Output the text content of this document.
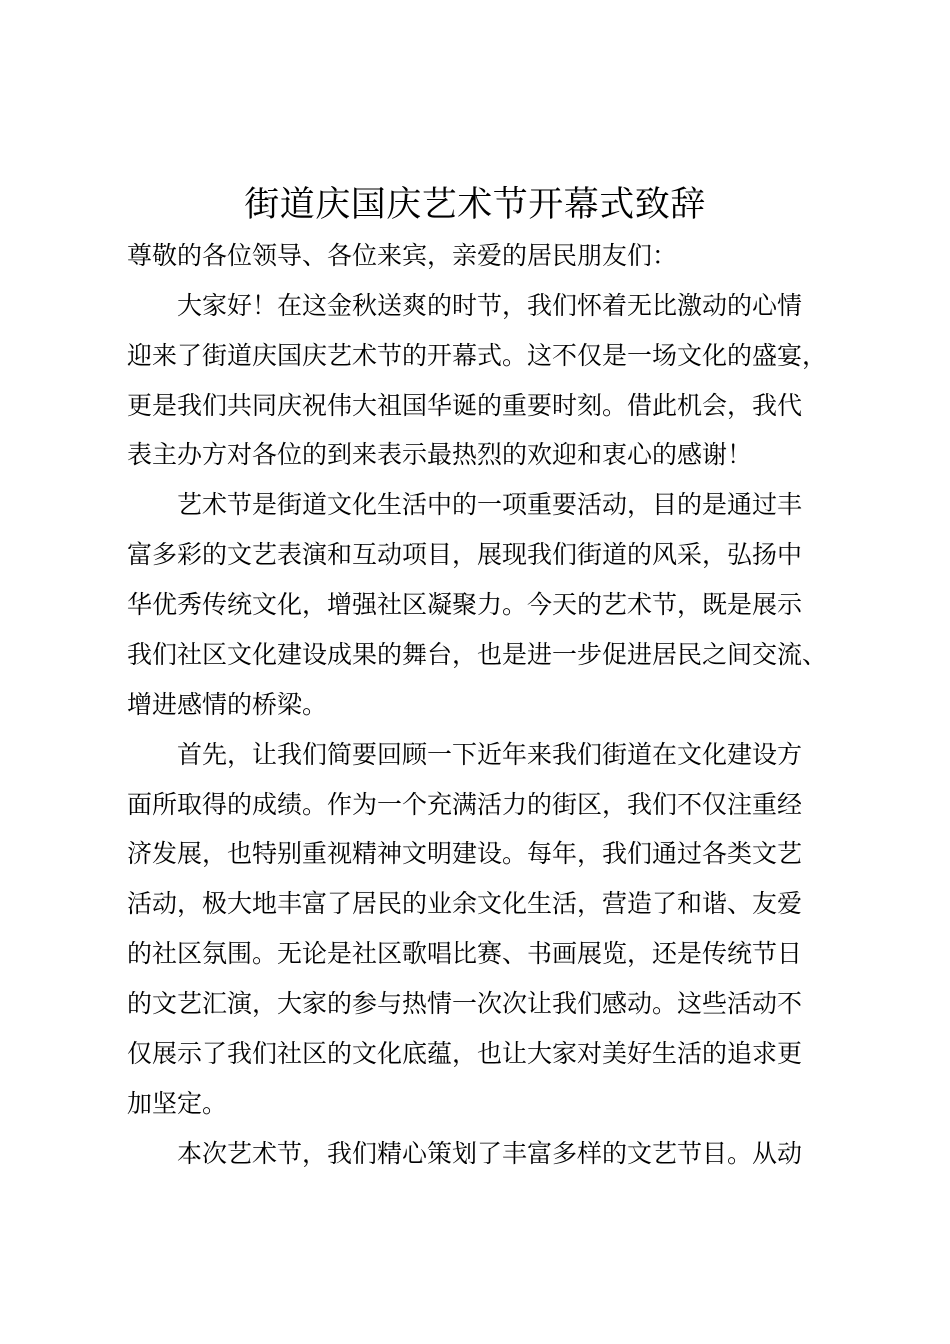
街道庆国庆艺术节开幕式致辞

尊敬的各位领导、各位来宾，亲爱的居民朋友们：

大家好！在这金秋送爽的时节，我们怀着无比激动的心情

迎来了街道庆国庆艺术节的开幕式。这不仅是一场文化的盛宴，

更是我们共同庆祝伟大祖国华诞的重要时刻。借此机会，我代

表主办方对各位的到来表示最热烈的欢迎和衷心的感谢！

艺术节是街道文化生活中的一项重要活动，目的是通过丰

富多彩的文艺表演和互动项目，展现我们街道的风采，弘扬中

华优秀传统文化，增强社区凝聚力。今天的艺术节，既是展示

我们社区文化建设成果的舞台，也是进一步促进居民之间交流、

增进感情的桥梁。

首先，让我们简要回顾一下近年来我们街道在文化建设方

面所取得的成绩。作为一个充满活力的街区，我们不仅注重经

济发展，也特别重视精神文明建设。每年，我们通过各类文艺

活动，极大地丰富了居民的业余文化生活，营造了和谐、友爱

的社区氛围。无论是社区歌唱比赛、书画展览，还是传统节日

的文艺汇演，大家的参与热情一次次让我们感动。这些活动不

仅展示了我们社区的文化底蕴，也让大家对美好生活的追求更

加坚定。

本次艺术节，我们精心策划了丰富多样的文艺节目。从动
